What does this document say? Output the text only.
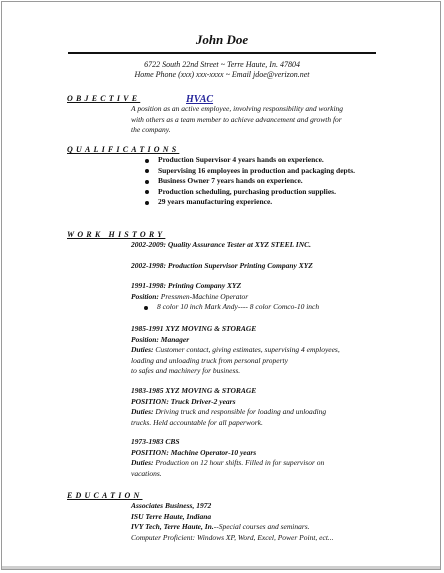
John Doe
6722 South 22nd Street ~ Terre Haute, In. 47804
Home Phone (xxx) xxx-xxxx ~ Email jdoe@verizon.net
OBJECTIVE	HVAC
A position as an active employee, involving responsibility and working
with others as a team member to achieve advancement and growth for
the company.
QUALIFICATIONS
Production Supervisor 4 years hands on experience.
Supervising 16 employees in production and packaging depts.
Business Owner 7 years hands on experience.
Production scheduling, purchasing production supplies.
29 years manufacturing experience.
WORK HISTORY
2002-2009: Quality Assurance Tester at XYZ STEEL INC.
2002-1998: Production Supervisor Printing Company XYZ
1991-1998: Printing Company XYZ
Position: Pressmen-Machine Operator
8 color 10 inch Mark Andy---- 8 color Comco-10 inch
1985-1991 XYZ MOVING & STORAGE
Position: Manager
Duties: Customer contact, giving estimates, supervising 4 employees,
loading and unloading truck from personal property
to safes and machinery for business.
1983-1985 XYZ MOVING & STORAGE
POSITION: Truck Driver-2 years
Duties: Driving truck and responsible for loading and unloading
trucks. Held accountable for all paperwork.
1973-1983 CBS
POSITION: Machine Operator-10 years
Duties: Production on 12 hour shifts. Filled in for supervisor on
vacations.
EDUCATION
Associates Business, 1972
ISU Terre Haute, Indiana
IVY Tech, Terre Haute, In.--Special courses and seminars.
Computer Proficient: Windows XP, Word, Excel, Power Point, ect...
